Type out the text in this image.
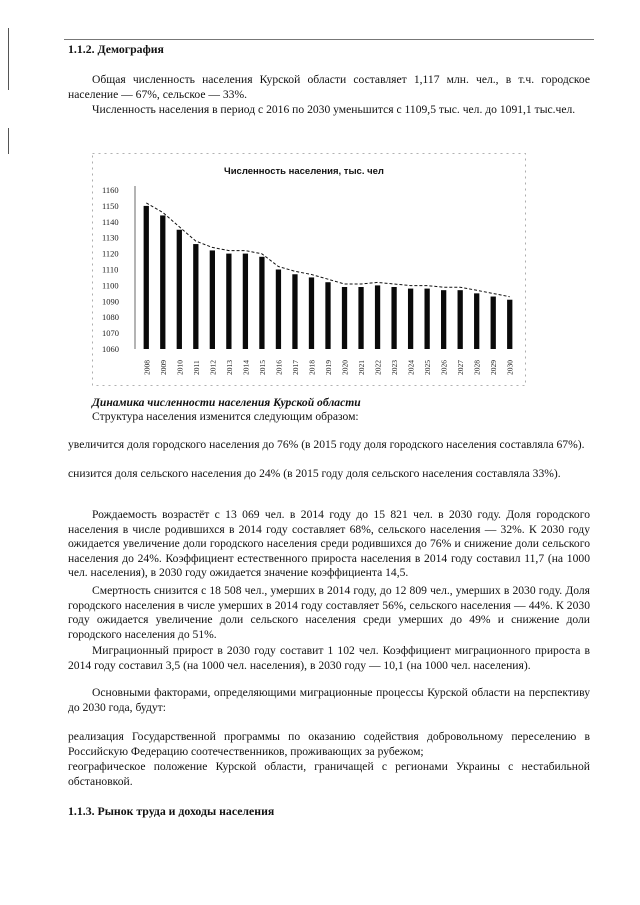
1.1.2. Демография

Общая численность населения Курской области составляет 1,117 млн. чел., в т.ч. городское население — 67%, сельское — 33%.

Численность населения в период с 2016 по 2030 уменьшится с 1109,5 тыс. чел. до 1091,1 тыс.чел.

Численность населения, тыс. чел
1160
1150
1140
1130
1120
1110
1100
1090
1080
1070
1060
2008 2009 2010 2011 2012 2013 2014 2015 2016 2017 2018 2019 2020 2021 2022 2023 2024 2025 2026 2027 2028 2029 2030

Динамика численности населения Курской области

Структура населения изменится следующим образом:

увеличится доля городского населения до 76% (в 2015 году доля городского населения составляла 67%).

снизится доля сельского населения до 24% (в 2015 году доля сельского населения составляла 33%).

Рождаемость возрастёт с 13 069 чел. в 2014 году до 15 821 чел. в 2030 году. Доля городского населения в числе родившихся в 2014 году составляет 68%, сельского населения — 32%. К 2030 году ожидается увеличение доли городского населения среди родившихся до 76% и снижение доли сельского населения до 24%. Коэффициент естественного прироста населения в 2014 году составил 11,7 (на 1000 чел. населения), в 2030 году ожидается значение коэффициента 14,5.

Смертность снизится с 18 508 чел., умерших в 2014 году, до 12 809 чел., умерших в 2030 году. Доля городского населения в числе умерших в 2014 году составляет 56%, сельского населения — 44%. К 2030 году ожидается увеличение доли сельского населения среди умерших до 49% и снижение доли городского населения до 51%.

Миграционный прирост в 2030 году составит 1 102 чел. Коэффициент миграционного прироста в 2014 году составил 3,5 (на 1000 чел. населения), в 2030 году — 10,1 (на 1000 чел. населения).

Основными факторами, определяющими миграционные процессы Курской области на перспективу до 2030 года, будут:

реализация Государственной программы по оказанию содействия добровольному переселению в Российскую Федерацию соотечественников, проживающих за рубежом;

географическое положение Курской области, граничащей с регионами Украины с нестабильной обстановкой.

1.1.3. Рынок труда и доходы населения
